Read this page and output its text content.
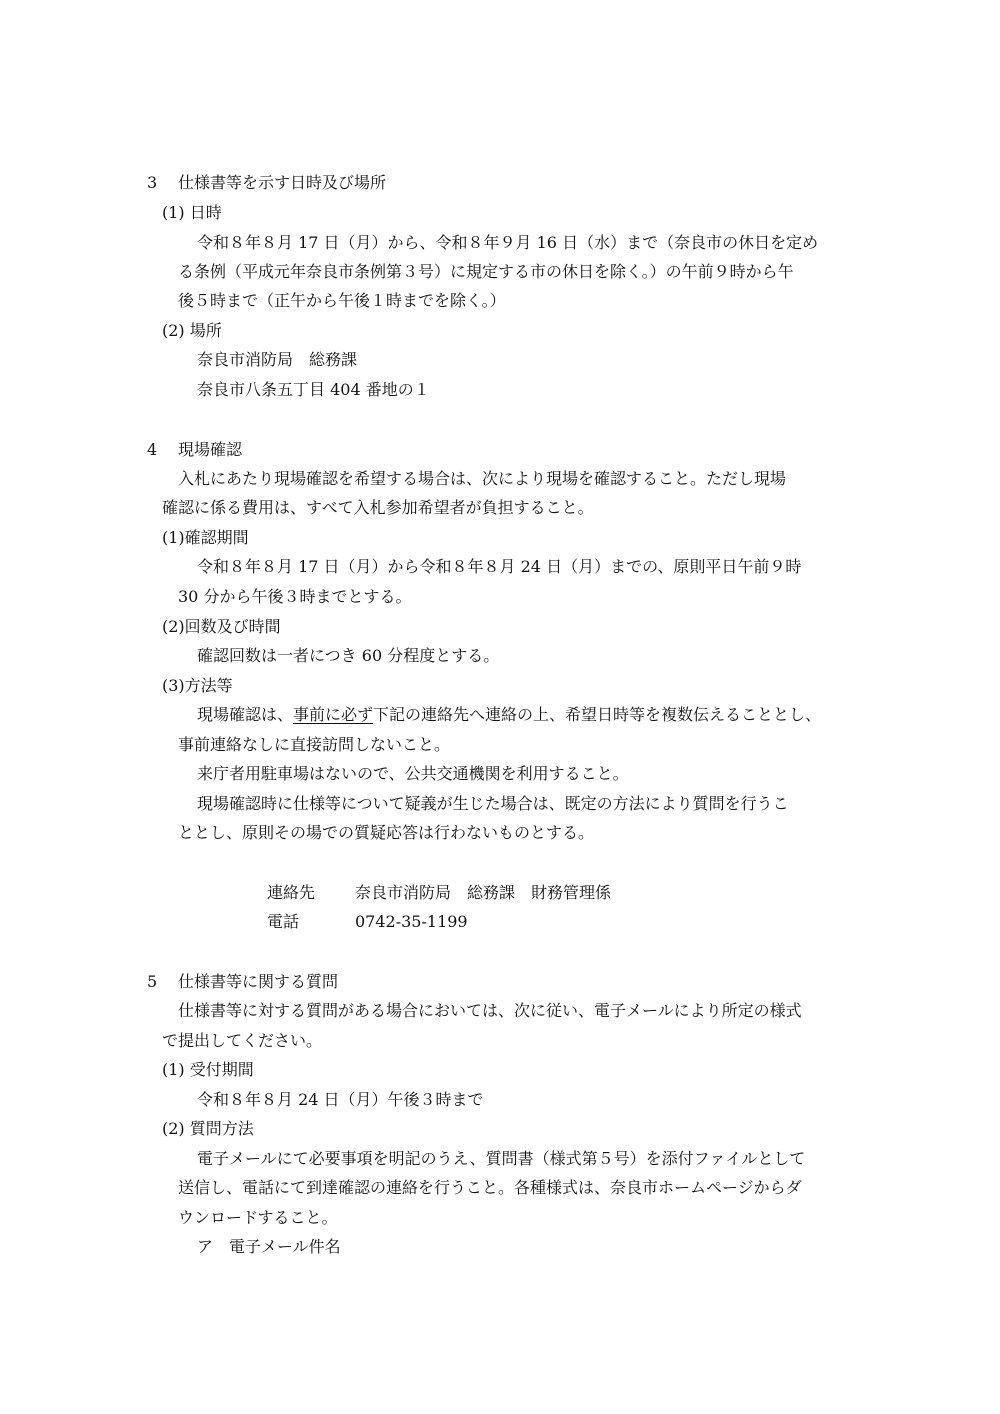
3 仕様書等を示す日時及び場所
(1) 日時
令和８年８月 17 日（月）から、令和８年９月 16 日（水）まで（奈良市の休日を定め
る条例（平成元年奈良市条例第３号）に規定する市の休日を除く。）の午前９時から午
後５時まで（正午から午後１時までを除く。）
(2) 場所
奈良市消防局　総務課
奈良市八条五丁目 404 番地の１
4 現場確認
入札にあたり現場確認を希望する場合は、次により現場を確認すること。ただし現場
確認に係る費用は、すべて入札参加希望者が負担すること。
(1)確認期間
令和８年８月 17 日（月）から令和８年８月 24 日（月）までの、原則平日午前９時
30 分から午後３時までとする。
(2)回数及び時間
確認回数は一者につき 60 分程度とする。
(3)方法等
現場確認は、事前に必ず下記の連絡先へ連絡の上、希望日時等を複数伝えることとし、
事前連絡なしに直接訪問しないこと。
来庁者用駐車場はないので、公共交通機関を利用すること。
現場確認時に仕様等について疑義が生じた場合は、既定の方法により質問を行うこ
ととし、原則その場での質疑応答は行わないものとする。
連絡先 奈良市消防局　総務課　財務管理係
電話	0742-35-1199
5 仕様書等に関する質問
仕様書等に対する質問がある場合においては、次に従い、電子メールにより所定の様式
で提出してください。
(1) 受付期間
令和８年８月 24 日（月）午後３時まで
(2) 質問方法
電子メールにて必要事項を明記のうえ、質問書（様式第５号）を添付ファイルとして
送信し、電話にて到達確認の連絡を行うこと。各種様式は、奈良市ホームページからダ
ウンロードすること。
ア　電子メール件名
